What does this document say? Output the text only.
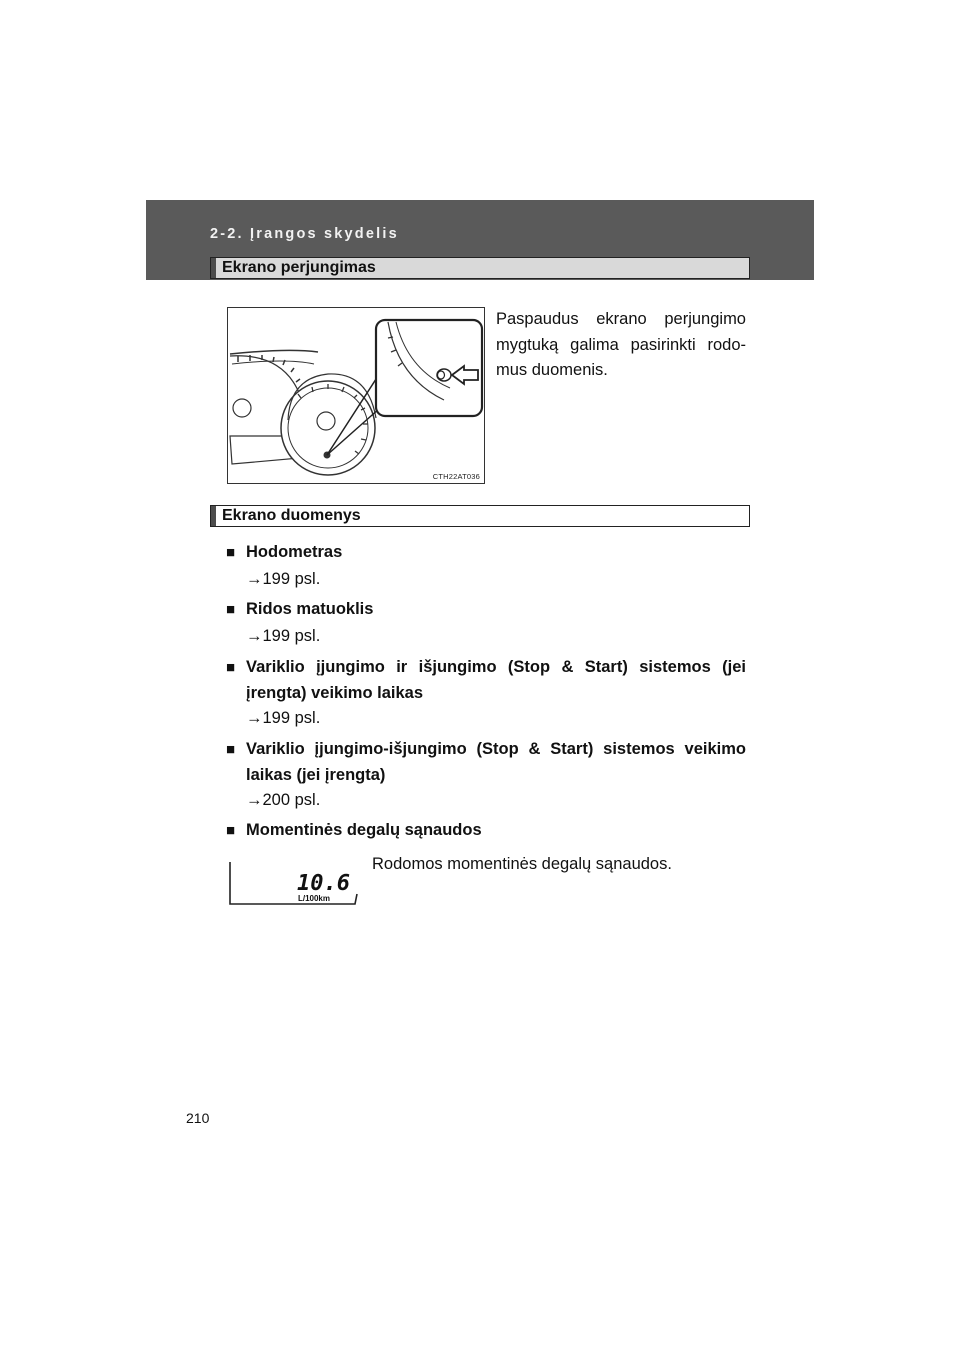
2-2. Įrangos skydelis
Ekrano perjungimas
CTH22AT036
Paspaudus ekrano perjungimo mygtuką galima pasirinkti rodo-mus duomenis.
Ekrano duomenys
■ Hodometras
→199 psl.
■ Ridos matuoklis
→199 psl.
■ Variklio įjungimo ir išjungimo (Stop & Start) sistemos (jei įrengta) veikimo laikas
→199 psl.
■ Variklio įjungimo-išjungimo (Stop & Start) sistemos veikimo laikas (jei įrengta)
→200 psl.
■ Momentinės degalų sąnaudos
10.6
L/100km
Rodomos momentinės degalų sąnaudos.
210
